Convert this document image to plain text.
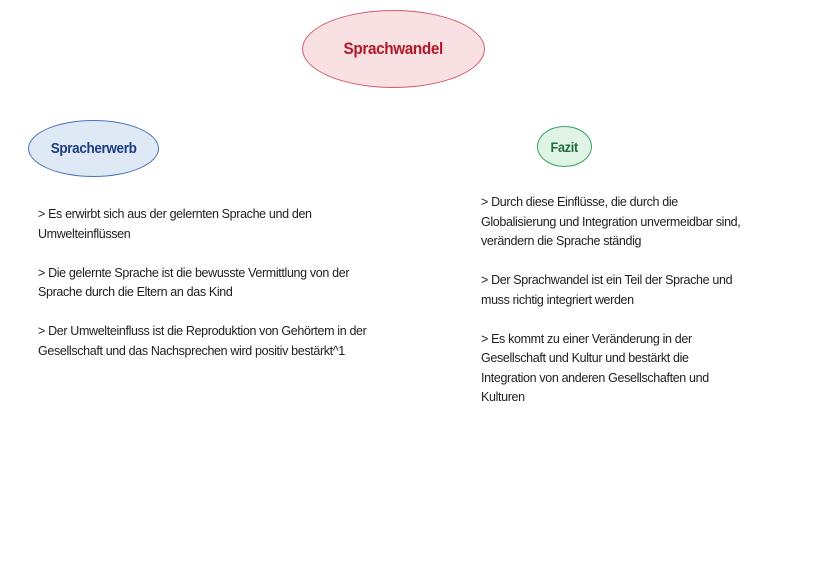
Sprachwandel
Spracherwerb	Fazit
> Es erwirbt sich aus der gelernten Sprache und den Umwelteinflüssen
> Die gelernte Sprache ist die bewusste Vermittlung von der Sprache durch die Eltern an das Kind
> Der Umwelteinfluss ist die Reproduktion von Gehörtem in der Gesellschaft und das Nachsprechen wird positiv bestärkt^1
> Durch diese Einflüsse, die durch die Globalisierung und Integration unvermeidbar sind, verändern die Sprache ständig
> Der Sprachwandel ist ein Teil der Sprache und muss richtig integriert werden
> Es kommt zu einer Veränderung in der Gesellschaft und Kultur und bestärkt die Integration von anderen Gesellschaften und Kulturen
